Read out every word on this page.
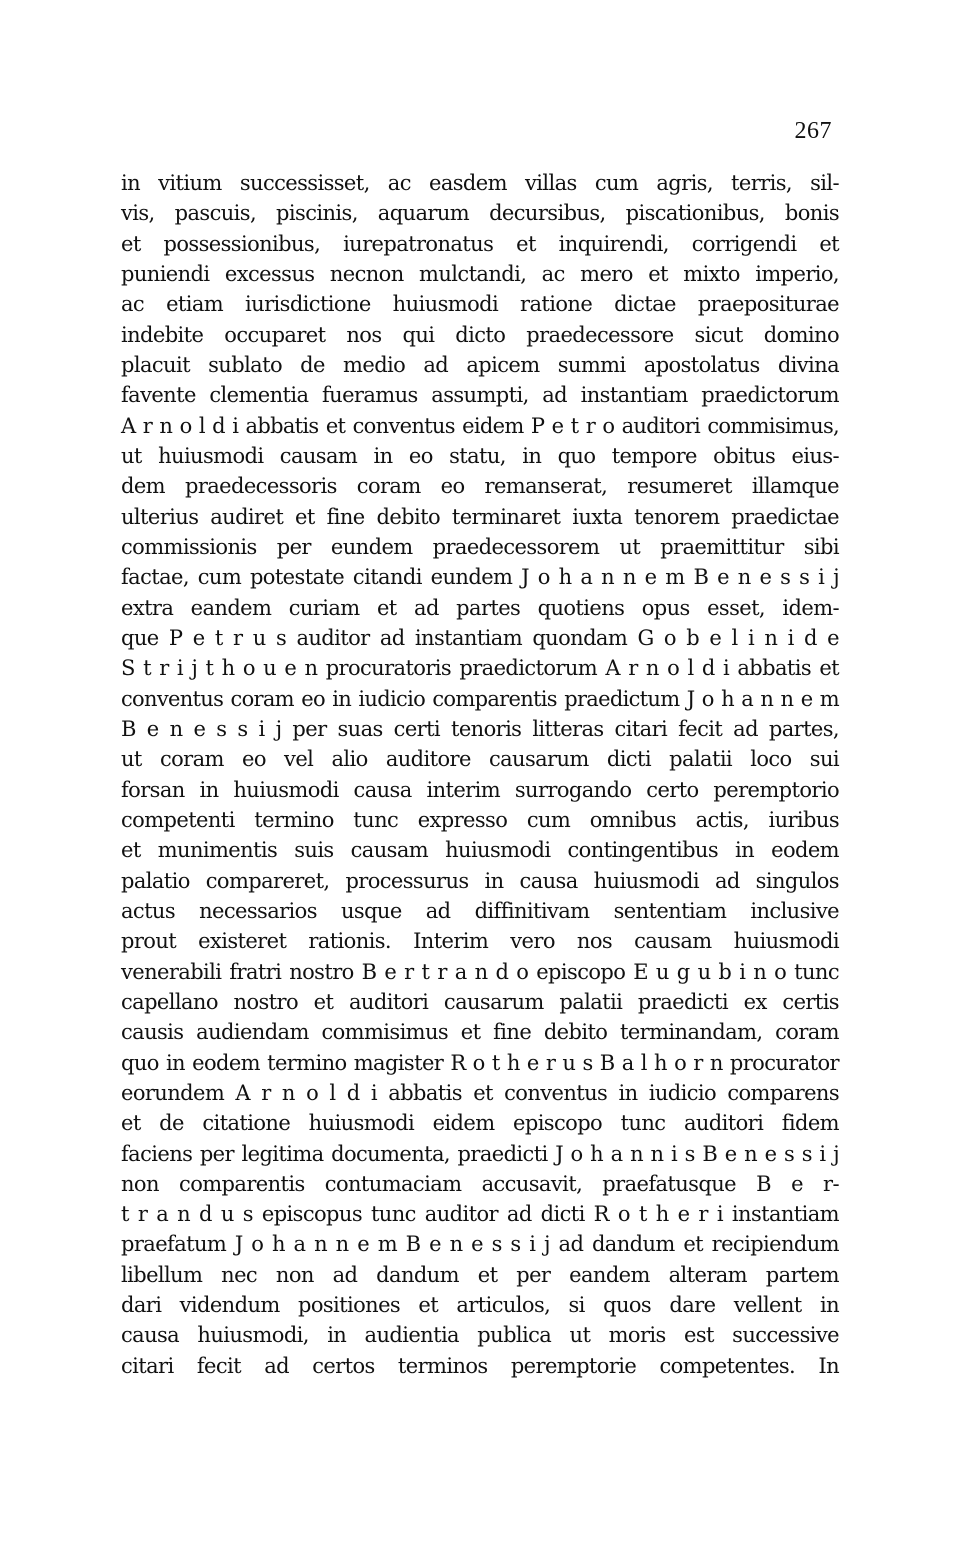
267
in vitium successisset, ac easdem villas cum agris, terris, sil-
vis, pascuis, piscinis, aquarum decursibus, piscationibus, bonis
et possessionibus, iurepatronatus et inquirendi, corrigendi et
puniendi excessus necnon mulctandi, ac mero et mixto imperio,
ac etiam iurisdictione huiusmodi ratione dictae praepositurae
indebite occuparet nos qui dicto praedecessore sicut domino
placuit sublato de medio ad apicem summi apostolatus divina
favente clementia fueramus assumpti, ad instantiam praedictorum
A r n o l d i abbatis et conventus eidem P e t r o auditori commisimus,
ut huiusmodi causam in eo statu, in quo tempore obitus eius-
dem praedecessoris coram eo remanserat, resumeret illamque
ulterius audiret et fine debito terminaret iuxta tenorem praedictae
commissionis per eundem praedecessorem ut praemittitur sibi
factae, cum potestate citandi eundem J o h a n n e m B e n e s s i j
extra eandem curiam et ad partes quotiens opus esset, idem-
que P e t r u s auditor ad instantiam quondam G o b e l i n i d e
S t r i j t h o u e n procuratoris praedictorum A r n o l d i abbatis et
conventus coram eo in iudicio comparentis praedictum J o h a n n e m
B e n e s s i j per suas certi tenoris litteras citari fecit ad partes,
ut coram eo vel alio auditore causarum dicti palatii loco sui
forsan in huiusmodi causa interim surrogando certo peremptorio
competenti termino tunc expresso cum omnibus actis, iuribus
et munimentis suis causam huiusmodi contingentibus in eodem
palatio compareret, processurus in causa huiusmodi ad singulos
actus necessarios usque ad diffinitivam sententiam inclusive
prout existeret rationis. Interim vero nos causam huiusmodi
venerabili fratri nostro B e r t r a n d o episcopo E u g u b i n o tunc
capellano nostro et auditori causarum palatii praedicti ex certis
causis audiendam commisimus et fine debito terminandam, coram
quo in eodem termino magister R o t h e r u s B a l h o r n procurator
eorundem A r n o l d i abbatis et conventus in iudicio comparens
et de citatione huiusmodi eidem episcopo tunc auditori fidem
faciens per legitima documenta, praedicti J o h a n n i s B e n e s s i j
non comparentis contumaciam accusavit, praefatusque B e r-
t r a n d u s episcopus tunc auditor ad dicti R o t h e r i instantiam
praefatum J o h a n n e m B e n e s s i j ad dandum et recipiendum
libellum nec non ad dandum et per eandem alteram partem
dari videndum positiones et articulos, si quos dare vellent in
causa huiusmodi, in audientia publica ut moris est successive
citari fecit ad certos terminos peremptorie competentes. In
